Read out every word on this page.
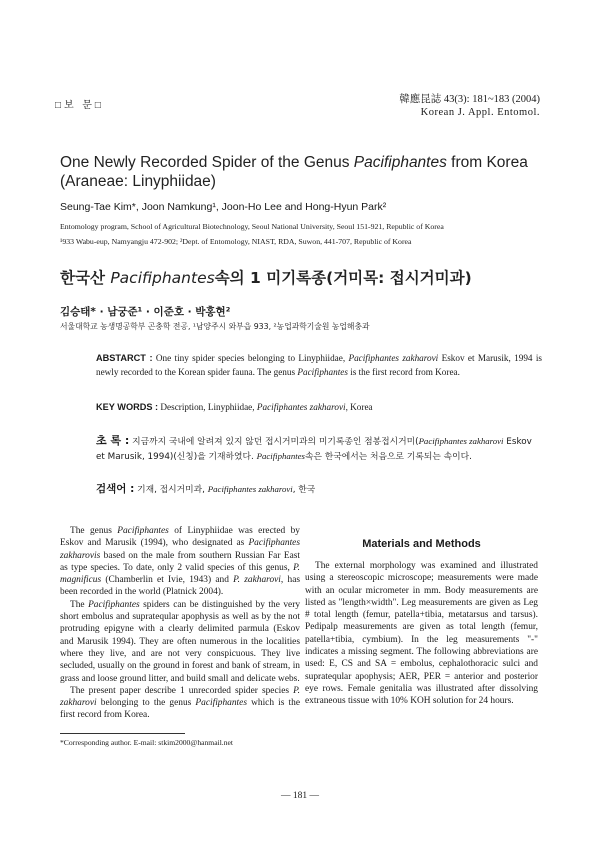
□보 문□
韓應昆誌 43(3): 181~183 (2004)
Korean J. Appl. Entomol.
One Newly Recorded Spider of the Genus Pacifiphantes from Korea
(Araneae: Linyphiidae)
Seung-Tae Kim*, Joon Namkung¹, Joon-Ho Lee and Hong-Hyun Park²
Entomology program, School of Agricultural Biotechnology, Seoul National University, Seoul 151-921, Republic of Korea
¹933 Wabu-eup, Namyangju 472-902; ²Dept. of Entomology, NIAST, RDA, Suwon, 441-707, Republic of Korea
한국산 Pacifiphantes속의 1 미기록종(거미목: 접시거미과)
김승태* · 남궁준¹ · 이준호 · 박홍현²
서울대학교 농생명공학부 곤충학 전공, ¹남양주시 와부읍 933, ²농업과학기술원 농업해충과
ABSTARCT : One tiny spider species belonging to Linyphiidae, Pacifiphantes zakharovi Eskov et Marusik, 1994 is newly recorded to the Korean spider fauna. The genus Pacifiphantes is the first record from Korea.
KEY WORDS : Description, Linyphiidae, Pacifiphantes zakharovi, Korea
초 록 : 지금까지 국내에 알려져 있지 않던 접시거미과의 미기록종인 점봉접시거미(Pacifiphantes zakharovi Eskov et Marusik, 1994)(신칭)을 기재하였다. Pacifiphantes속은 한국에서는 처음으로 기록되는 속이다.
검색어 : 기재, 접시거미과, Pacifiphantes zakharovi, 한국

The genus Pacifiphantes of Linyphiidae was erected by Eskov and Marusik (1994), who designated as Pacifiphantes zakharovis based on the male from southern Russian Far East as type species. To date, only 2 valid species of this genus, P. magnificus (Chamberlin et Ivie, 1943) and P. zakharovi, has been recorded in the world (Platnick 2004).

The Pacifiphantes spiders can be distinguished by the very short embolus and suprateqular apophysis as well as by the not protruding epigyne with a clearly delimited parmula (Eskov and Marusik 1994). They are often numerous in the localities where they live, and are not very conspicuous. They live secluded, usually on the ground in forest and bank of stream, in grass and loose ground litter, and build small and delicate webs.

The present paper describe 1 unrecorded spider species P. zakharovi belonging to the genus Pacifiphantes which is the first record from Korea.

Materials and Methods

The external morphology was examined and illustrated using a stereoscopic microscope; measurements were made with an ocular micrometer in mm. Body measurements are listed as "length×width". Leg measurements are given as Leg # total length (femur, patella+tibia, metatarsus and tarsus). Pedipalp measurements are given as total length (femur, patella+tibia, cymbium). In the leg measurements "-" indicates a missing segment. The following abbreviations are used: E, CS and SA = embolus, cephalothoracic sulci and suprateqular apophysis; AER, PER = anterior and posterior eye rows. Female genitalia was illustrated after dissolving extraneous tissue with 10% KOH solution for 24 hours.

*Corresponding author. E-mail: stkim2000@hanmail.net
— 181 —
